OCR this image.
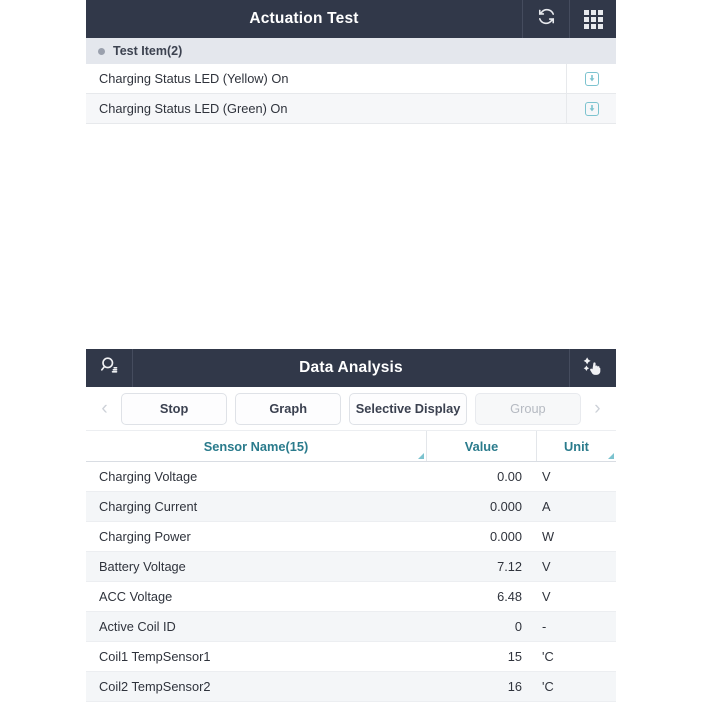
Actuation Test
Test Item(2)
Charging Status LED (Yellow) On
Charging Status LED (Green) On
Data Analysis
‹	Stop	Graph	Selective Display	Group	›
Sensor Name(15)	Value	Unit
Charging Voltage	0.00	V
Charging Current	0.000	A
Charging Power	0.000	W
Battery Voltage	7.12	V
ACC Voltage	6.48	V
Active Coil ID	0	-
Coil1 TempSensor1	15	'C
Coil2 TempSensor2	16	'C
